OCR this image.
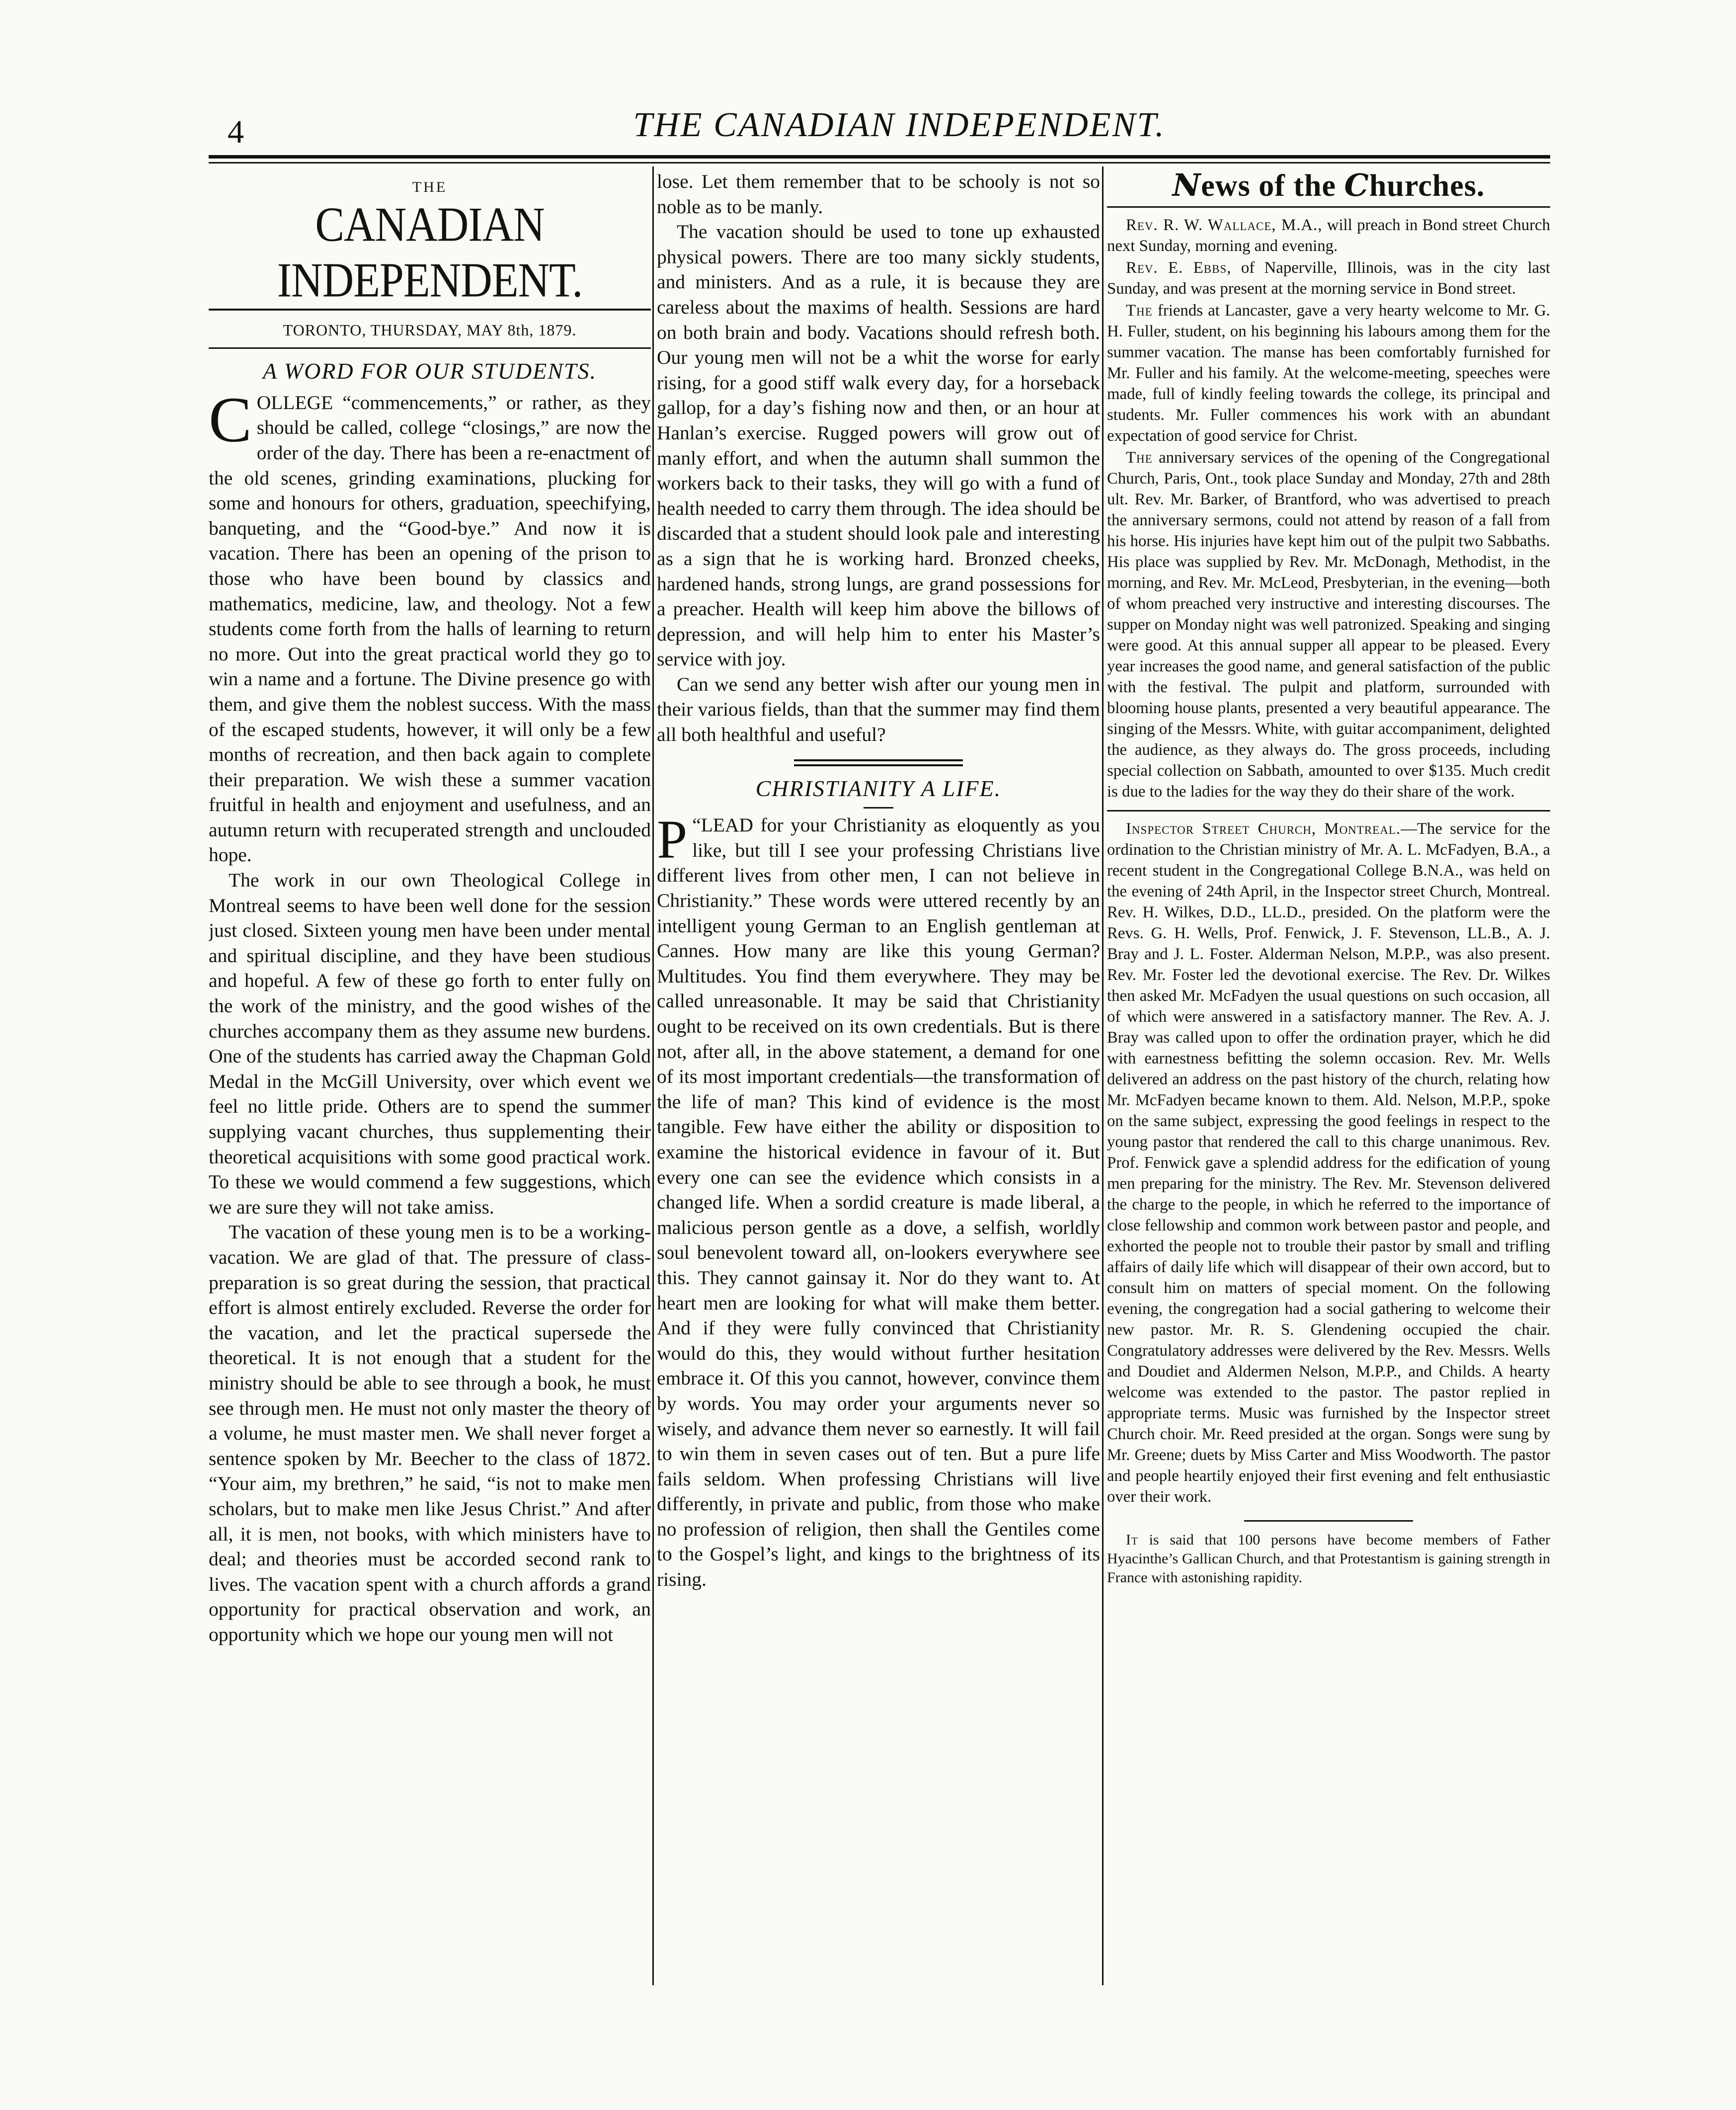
4	THE CANADIAN INDEPENDENT.
THE
CANADIAN INDEPENDENT.
TORONTO, THURSDAY, MAY 8th, 1879.
A WORD FOR OUR STUDENTS.

COLLEGE “commencements,” or rather, as they should be called, college “closings,” are now the order of the day. There has been a re-enactment of the old scenes, grinding examinations, plucking for some and honours for others, graduation, speechifying, banqueting, and the “Good-bye.” And now it is vacation. There has been an opening of the prison to those who have been bound by classics and mathematics, medicine, law, and theology. Not a few students come forth from the halls of learning to return no more. Out into the great practical world they go to win a name and a fortune. The Divine presence go with them, and give them the noblest success. With the mass of the escaped students, however, it will only be a few months of recreation, and then back again to complete their preparation. We wish these a summer vacation fruitful in health and enjoyment and usefulness, and an autumn return with recuperated strength and unclouded hope.

The work in our own Theological College in Montreal seems to have been well done for the session just closed. Sixteen young men have been under mental and spiritual discipline, and they have been studious and hopeful. A few of these go forth to enter fully on the work of the ministry, and the good wishes of the churches accompany them as they assume new burdens. One of the students has carried away the Chapman Gold Medal in the McGill University, over which event we feel no little pride. Others are to spend the summer supplying vacant churches, thus supplementing their theoretical acquisitions with some good practical work. To these we would commend a few suggestions, which we are sure they will not take amiss.

The vacation of these young men is to be a working-vacation. We are glad of that. The pressure of class-preparation is so great during the session, that practical effort is almost entirely excluded. Reverse the order for the vacation, and let the practical supersede the theoretical. It is not enough that a student for the ministry should be able to see through a book, he must see through men. He must not only master the theory of a volume, he must master men. We shall never forget a sentence spoken by Mr. Beecher to the class of 1872. “Your aim, my brethren,” he said, “is not to make men scholars, but to make men like Jesus Christ.” And after all, it is men, not books, with which ministers have to deal; and theories must be accorded second rank to lives. The vacation spent with a church affords a grand opportunity for practical observation and work, an opportunity which we hope our young men will not

lose. Let them remember that to be schooly is not so noble as to be manly.

The vacation should be used to tone up exhausted physical powers. There are too many sickly students, and ministers. And as a rule, it is because they are careless about the maxims of health. Sessions are hard on both brain and body. Vacations should refresh both. Our young men will not be a whit the worse for early rising, for a good stiff walk every day, for a horseback gallop, for a day’s fishing now and then, or an hour at Hanlan’s exercise. Rugged powers will grow out of manly effort, and when the autumn shall summon the workers back to their tasks, they will go with a fund of health needed to carry them through. The idea should be discarded that a student should look pale and interesting as a sign that he is working hard. Bronzed cheeks, hardened hands, strong lungs, are grand possessions for a preacher. Health will keep him above the billows of depression, and will help him to enter his Master’s service with joy.

Can we send any better wish after our young men in their various fields, than that the summer may find them all both healthful and useful?

CHRISTIANITY A LIFE.

“
P LEAD for your Christianity as eloquently as you like, but till I see your professing Christians live different lives from other men, I can not believe in Christianity.” These words were uttered recently by an intelligent young German to an English gentleman at Cannes. How many are like this young German? Multitudes. You find them everywhere. They may be called unreasonable. It may be said that Christianity ought to be received on its own credentials. But is there not, after all, in the above statement, a demand for one of its most important credentials—the transformation of the life of man? This kind of evidence is the most tangible. Few have either the ability or disposition to examine the historical evidence in favour of it. But every one can see the evidence which consists in a changed life. When a sordid creature is made liberal, a malicious person gentle as a dove, a selfish, worldly soul benevolent toward all, on-lookers everywhere see this. They cannot gainsay it. Nor do they want to. At heart men are looking for what will make them better. And if they were fully convinced that Christianity would do this, they would without further hesitation embrace it. Of this you cannot, however, convince them by words. You may order your arguments never so wisely, and advance them never so earnestly. It will fail to win them in seven cases out of ten. But a pure life fails seldom. When professing Christians will live differently, in private and public, from those who make no profession of religion, then shall the Gentiles come to the Gospel’s light, and kings to the brightness of its rising.

News of the Churches.

Rev. R. W. Wallace, M.A., will preach in Bond street Church next Sunday, morning and evening.

Rev. E. Ebbs, of Naperville, Illinois, was in the city last Sunday, and was present at the morning service in Bond street.

The friends at Lancaster, gave a very hearty welcome to Mr. G. H. Fuller, student, on his beginning his labours among them for the summer vacation. The manse has been comfortably furnished for Mr. Fuller and his family. At the welcome-meeting, speeches were made, full of kindly feeling towards the college, its principal and students. Mr. Fuller commences his work with an abundant expectation of good service for Christ.

The anniversary services of the opening of the Congregational Church, Paris, Ont., took place Sunday and Monday, 27th and 28th ult. Rev. Mr. Barker, of Brantford, who was advertised to preach the anniversary sermons, could not attend by reason of a fall from his horse. His injuries have kept him out of the pulpit two Sabbaths. His place was supplied by Rev. Mr. McDonagh, Methodist, in the morning, and Rev. Mr. McLeod, Presbyterian, in the evening—both of whom preached very instructive and interesting discourses. The supper on Monday night was well patronized. Speaking and singing were good. At this annual supper all appear to be pleased. Every year increases the good name, and general satisfaction of the public with the festival. The pulpit and platform, surrounded with blooming house plants, presented a very beautiful appearance. The singing of the Messrs. White, with guitar accompaniment, delighted the audience, as they always do. The gross proceeds, including special collection on Sabbath, amounted to over $135. Much credit is due to the ladies for the way they do their share of the work.

Inspector Street Church, Montreal.—The service for the ordination to the Christian ministry of Mr. A. L. McFadyen, B.A., a recent student in the Congregational College B.N.A., was held on the evening of 24th April, in the Inspector street Church, Montreal. Rev. H. Wilkes, D.D., LL.D., presided. On the platform were the Revs. G. H. Wells, Prof. Fenwick, J. F. Stevenson, LL.B., A. J. Bray and J. L. Foster. Alderman Nelson, M.P.P., was also present. Rev. Mr. Foster led the devotional exercise. The Rev. Dr. Wilkes then asked Mr. McFadyen the usual questions on such occasion, all of which were answered in a satisfactory manner. The Rev. A. J. Bray was called upon to offer the ordination prayer, which he did with earnestness befitting the solemn occasion. Rev. Mr. Wells delivered an address on the past history of the church, relating how Mr. McFadyen became known to them. Ald. Nelson, M.P.P., spoke on the same subject, expressing the good feelings in respect to the young pastor that rendered the call to this charge unanimous. Rev. Prof. Fenwick gave a splendid address for the edification of young men preparing for the ministry. The Rev. Mr. Stevenson delivered the charge to the people, in which he referred to the importance of close fellowship and common work between pastor and people, and exhorted the people not to trouble their pastor by small and trifling affairs of daily life which will disappear of their own accord, but to consult him on matters of special moment. On the following evening, the congregation had a social gathering to welcome their new pastor. Mr. R. S. Glendening occupied the chair. Congratulatory addresses were delivered by the Rev. Messrs. Wells and Doudiet and Aldermen Nelson, M.P.P., and Childs. A hearty welcome was extended to the pastor. The pastor replied in appropriate terms. Music was furnished by the Inspector street Church choir. Mr. Reed presided at the organ. Songs were sung by Mr. Greene; duets by Miss Carter and Miss Woodworth. The pastor and people heartily enjoyed their first evening and felt enthusiastic over their work.

It is said that 100 persons have become members of Father Hyacinthe’s Gallican Church, and that Protestantism is gaining strength in France with astonishing rapidity.
